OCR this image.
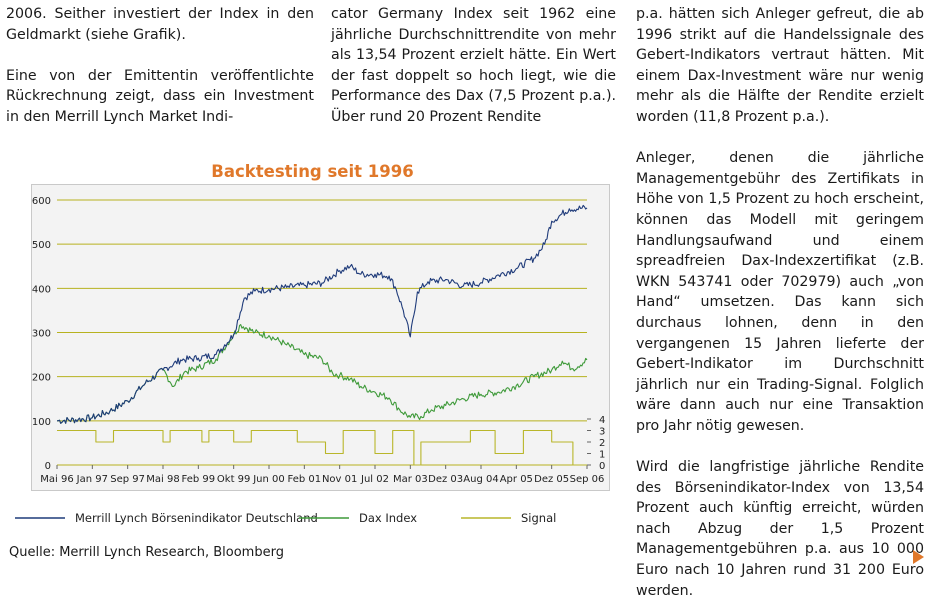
2006. Seither investiert der Index in den Geldmarkt (siehe Grafik).

Eine von der Emittentin veröffentlichte Rückrechnung zeigt, dass ein Investment in den Merrill Lynch Market Indi-

cator Germany Index seit 1962 eine jährliche Durchschnittrendite von mehr als 13,54 Prozent erzielt hätte. Ein Wert der fast doppelt so hoch liegt, wie die Performance des Dax (7,5 Prozent p.a.). Über rund 20 Prozent Rendite

p.a. hätten sich Anleger gefreut, die ab 1996 strikt auf die Handelssignale des Gebert-Indikators vertraut hätten. Mit einem Dax-Investment wäre nur wenig mehr als die Hälfte der Rendite erzielt worden (11,8 Prozent p.a.).

Anleger, denen die jährliche Managementgebühr des Zertifikats in Höhe von 1,5 Prozent zu hoch erscheint, können das Modell mit geringem Handlungsaufwand und einem spreadfreien Dax-Indexzertifikat (z.B. WKN 543741 oder 702979) auch „von Hand“ umsetzen. Das kann sich durchaus lohnen, denn in den vergangenen 15 Jahren lieferte der Gebert-Indikator im Durchschnitt jährlich nur ein Trading-Signal. Folglich wäre dann auch nur eine Transaktion pro Jahr nötig gewesen.

Wird die langfristige jährliche Rendite des Börsenindikator-Index von 13,54 Prozent auch künftig erreicht, würden nach Abzug der 1,5 Prozent Managementgebühren p.a. aus 10 000 Euro nach 10 Jahren rund 31 200 Euro werden.

Backtesting seit 1996
0
100
200
300
400
500
600
0
1
2
3
4
Mai 96 Jan 97 Sep 97 Mai 98 Feb 99 Okt 99 Jun 00 Feb 01 Nov 01 Jul 02 Mar 03 Dez 03 Aug 04 Apr 05 Dez 05 Sep 06
Merrill Lynch Börsenindikator Deutschland	Dax Index	Signal
Quelle: Merrill Lynch Research, Bloomberg
